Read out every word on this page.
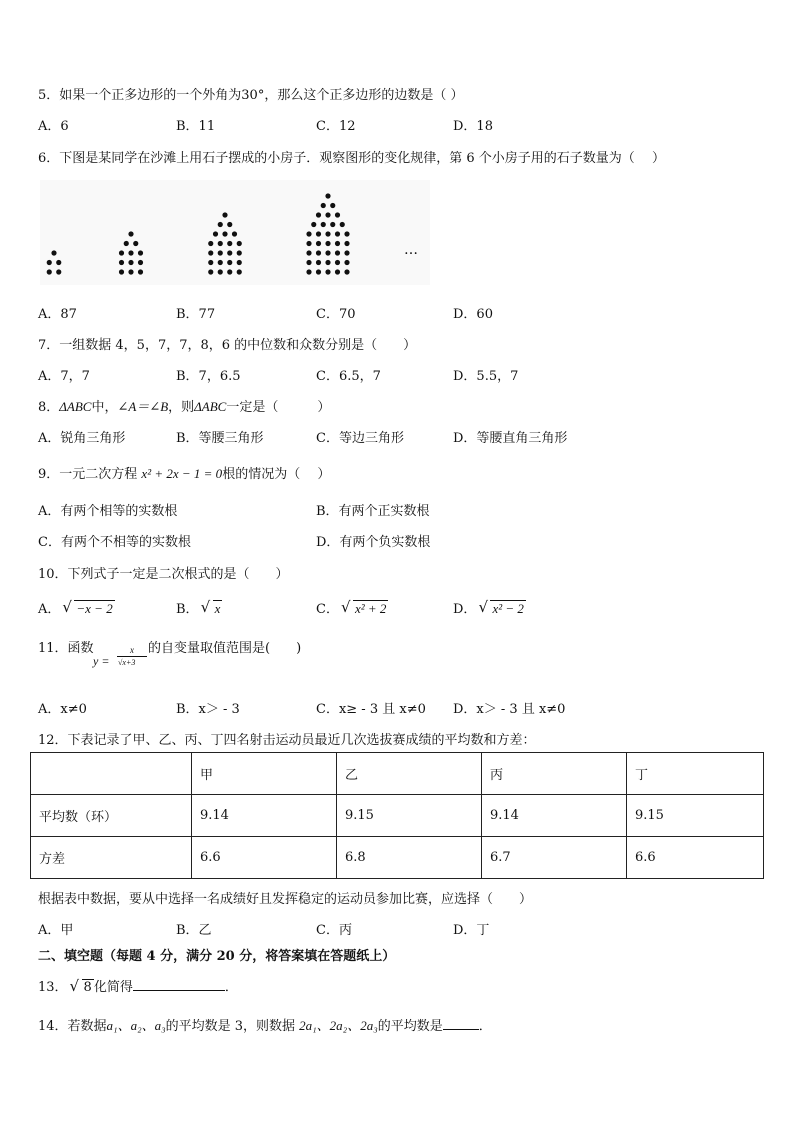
5．如果一个正多边形的一个外角为30°，那么这个正多边形的边数是（ ）
A．6	B．11	C．12	D．18
6．下图是某同学在沙滩上用石子摆成的小房子．观察图形的变化规律，第 6 个小房子用的石子数量为（　 ）
…
A．87	B．77	C．70	D．60
7．一组数据 4，5，7，7，8，6 的中位数和众数分别是（　　）
A．7，7	B．7，6.5	C．6.5，7	D．5.5，7
8．ΔABC中，∠A＝∠B，则ΔABC一定是（　　　）
A．锐角三角形	B．等腰三角形	C．等边三角形	D．等腰直角三角形
9．一元二次方程 x² + 2x − 1 = 0根的情况为（　 ）
A．有两个相等的实数根	B．有两个正实数根
C．有两个不相等的实数根	D．有两个负实数根
10．下列式子一定是二次根式的是（　　）
A． √ −x − 2	B． √ x	C． √ x² + 2	D． √ x² − 2
11．函数
y =
x
√x+3
的自变量取值范围是(　　)
A．x≠0	B．x＞ - 3	C．x≥ - 3 且 x≠0 D．x＞ - 3 且 x≠0
12．下表记录了甲、乙、丙、丁四名射击运动员最近几次选拔赛成绩的平均数和方差：
	甲	乙	丙	丁
平均数（环）	9.14	9.15	9.14	9.15
方差	6.6	6.8	6.7	6.6
根据表中数据，要从中选择一名成绩好且发挥稳定的运动员参加比赛，应选择（　　）
A．甲	B．乙	C．丙	D．丁
二、填空题（每题 4 分，满分 20 分，将答案填在答题纸上）
13． √ 8 化简得	．
14．若数据a₁、a₂、a₃的平均数是 3，则数据 2a₁、2a₂、2a₃的平均数是	．
